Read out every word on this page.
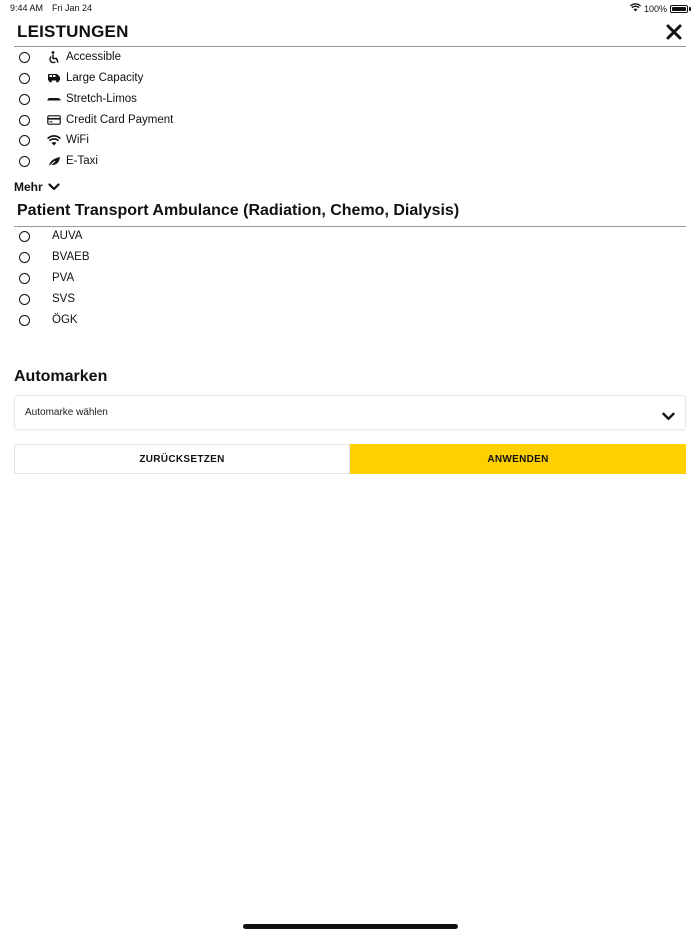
9:44 AM Fri Jan 24	100%
LEISTUNGEN
Accessible
Large Capacity
Stretch-Limos
Credit Card Payment
WiFi
E-Taxi
Mehr
Patient Transport Ambulance (Radiation, Chemo, Dialysis)
AUVA
BVAEB
PVA
SVS
ÖGK
Automarken
Automarke wählen
ZURÜCKSETZEN	ANWENDEN
